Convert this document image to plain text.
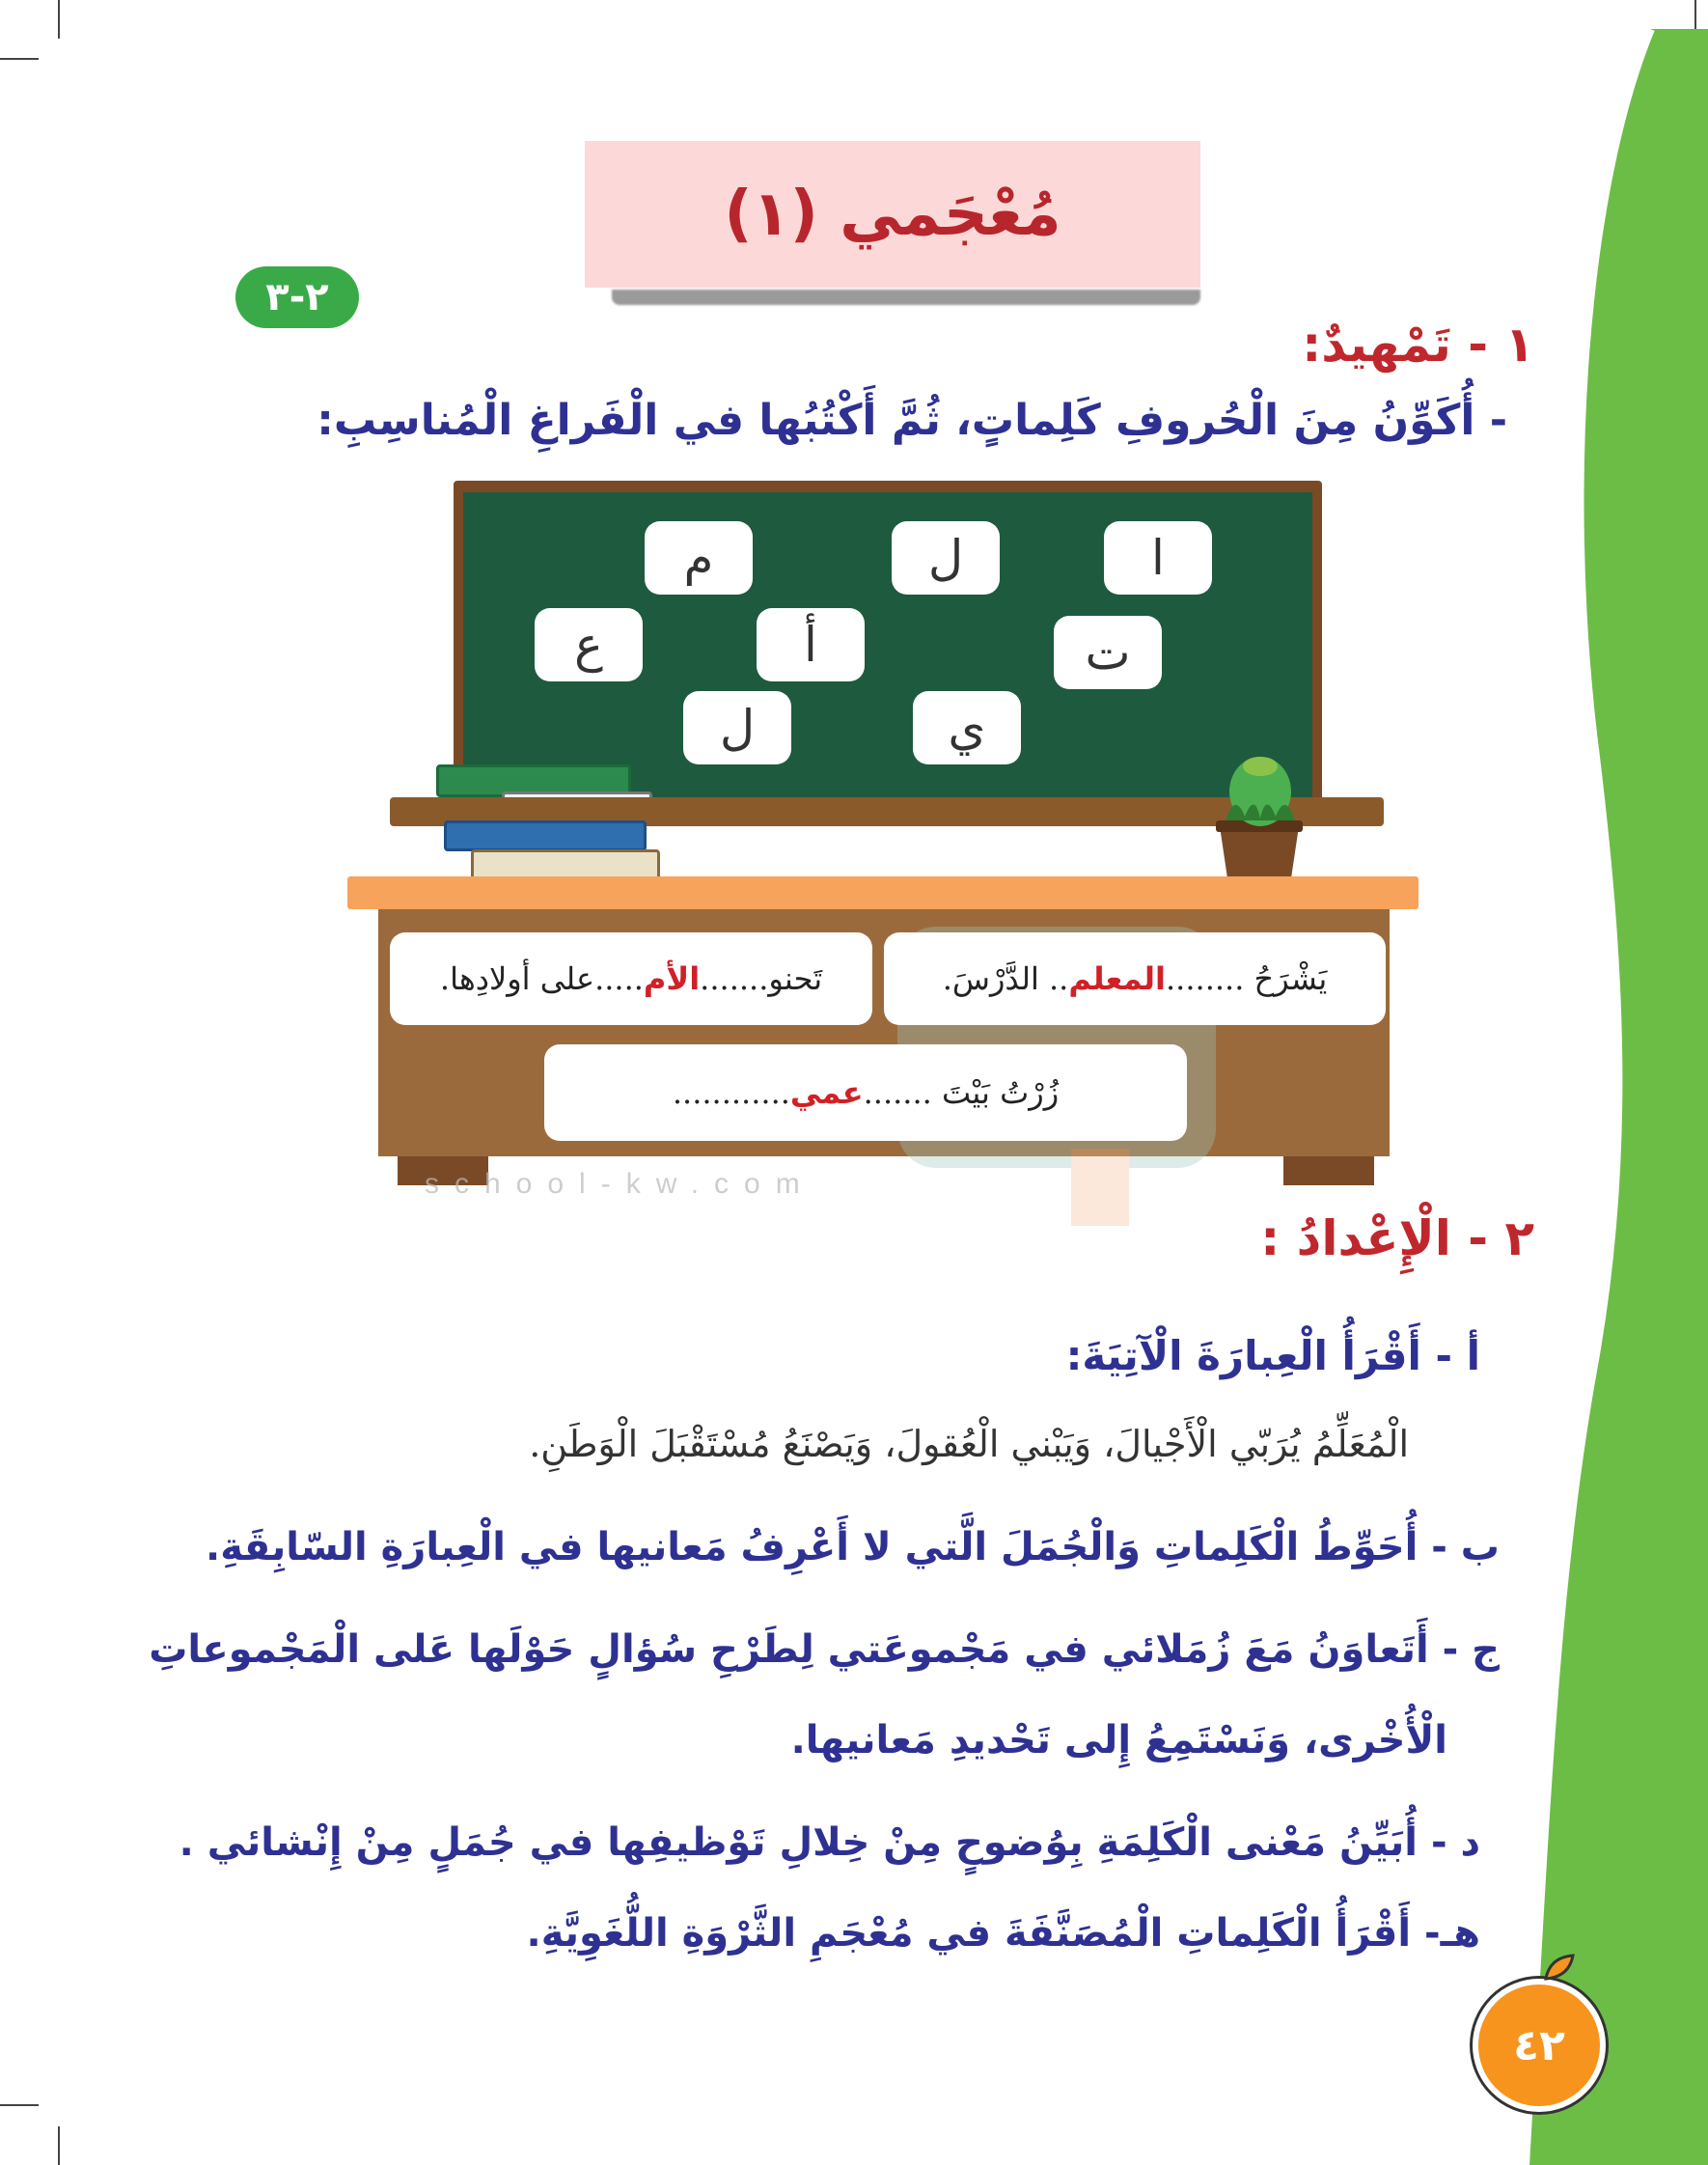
مُعْجَمي (١)
٢-٣
١ - تَمْهيدٌ:
- أُكَوِّنُ مِنَ الْحُروفِ كَلِماتٍ، ثُمَّ أَكْتُبُها في الْفَراغِ الْمُناسِبِ:
ا
ل
م
ت
أ
ع
ي
ل
يَشْرَحُ ........
المعلم
.. الدَّرْسَ.
تَحنو.......
الأم
.....على أولادِها.
زُرْتُ بَيْتَ .......
عمي
............
school-kw.com
٢ - الْإِعْدادُ :
أ - أَقْرَأُ الْعِبارَةَ الْآتِيَةَ:
الْمُعَلِّمُ يُرَبّي الْأَجْيالَ، وَيَبْني الْعُقولَ، وَيَصْنَعُ مُسْتَقْبَلَ الْوَطَنِ.
ب - أُحَوِّطُ الْكَلِماتِ وَالْجُمَلَ الَّتي لا أَعْرِفُ مَعانيها في الْعِبارَةِ السّابِقَةِ.
ج - أَتَعاوَنُ مَعَ زُمَلائي في مَجْموعَتي لِطَرْحِ سُؤالٍ حَوْلَها عَلى الْمَجْموعاتِ
الْأُخْرى، وَنَسْتَمِعُ إِلى تَحْديدِ مَعانيها.
د - أُبَيِّنُ مَعْنى الْكَلِمَةِ بِوُضوحٍ مِنْ خِلالِ تَوْظيفِها في جُمَلٍ مِنْ إِنْشائي .
هـ- أَقْرَأُ الْكَلِماتِ الْمُصَنَّفَةَ في مُعْجَمِ الثَّرْوَةِ اللُّغَوِيَّةِ.
٤٢
